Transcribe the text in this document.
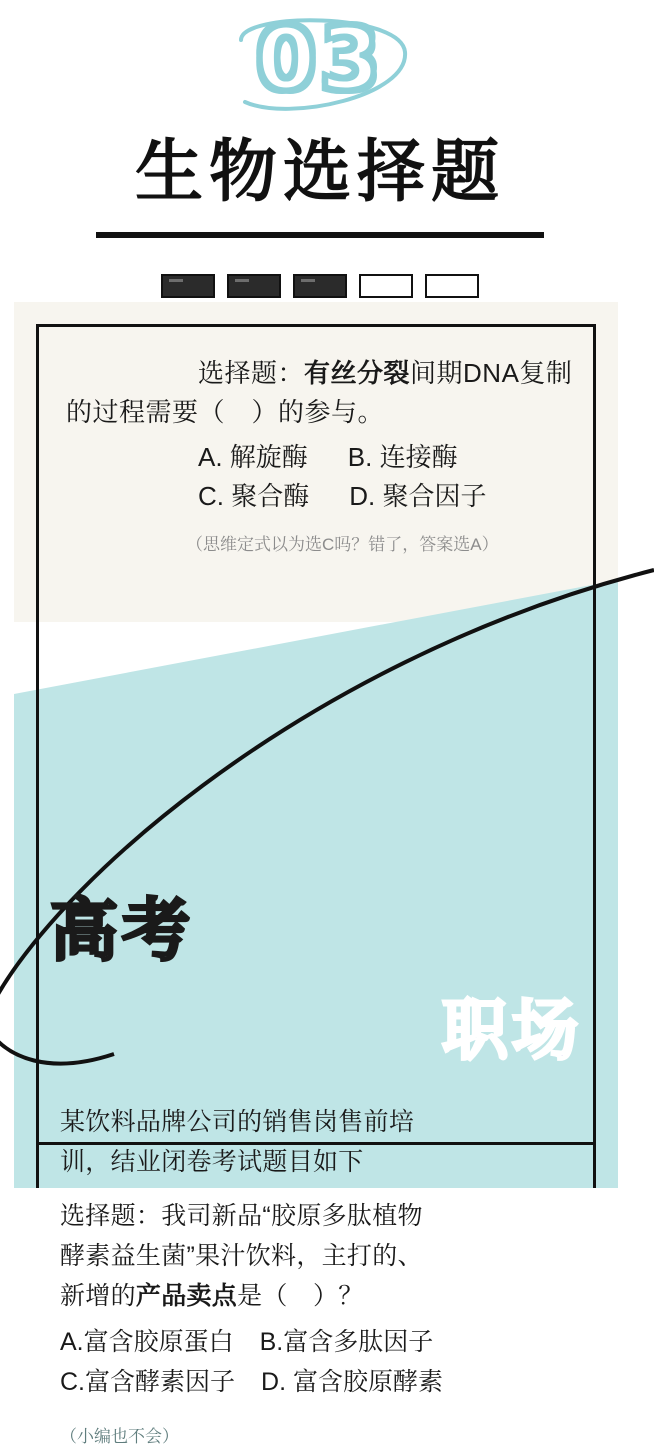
03
生物选择题
选择题：有丝分裂间期DNA复制
的过程需要（　）的参与。
A. 解旋酶 B. 连接酶
C. 聚合酶 D. 聚合因子
（思维定式以为选C吗？错了，答案选A）
高考
职场
某饮料品牌公司的销售岗售前培
训，结业闭卷考试题目如下
选择题：我司新品“胶原多肽植物
酵素益生菌”果汁饮料，主打的、
新增的产品卖点是（　）？
A.富含胶原蛋白 B.富含多肽因子
C.富含酵素因子 D. 富含胶原酵素
（小编也不会）
